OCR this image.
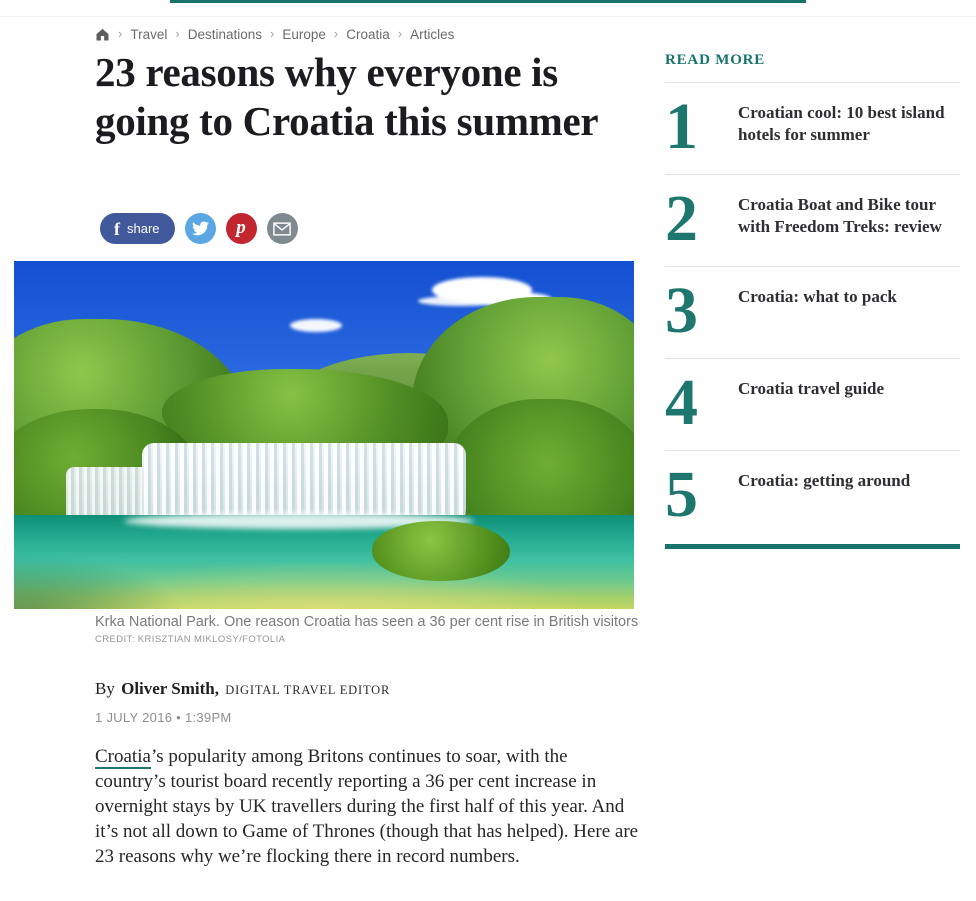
› Travel › Destinations › Europe › Croatia › Articles
23 reasons why everyone is going to Croatia this summer
f share	p
Krka National Park. One reason Croatia has seen a 36 per cent rise in British visitors
CREDIT: KRISZTIAN MIKLOSY/FOTOLIA
By Oliver Smith, DIGITAL TRAVEL EDITOR
1 JULY 2016 • 1:39PM

Croatia’s popularity among Britons continues to soar, with the country’s tourist board recently reporting a 36 per cent increase in overnight stays by UK travellers during the first half of this year. And it’s not all down to Game of Thrones (though that has helped). Here are 23 reasons why we’re flocking there in record numbers.

READ MORE
1	Croatian cool: 10 best island hotels for summer
2	Croatia Boat and Bike tour with Freedom Treks: review
3	Croatia: what to pack
4	Croatia travel guide
5	Croatia: getting around
